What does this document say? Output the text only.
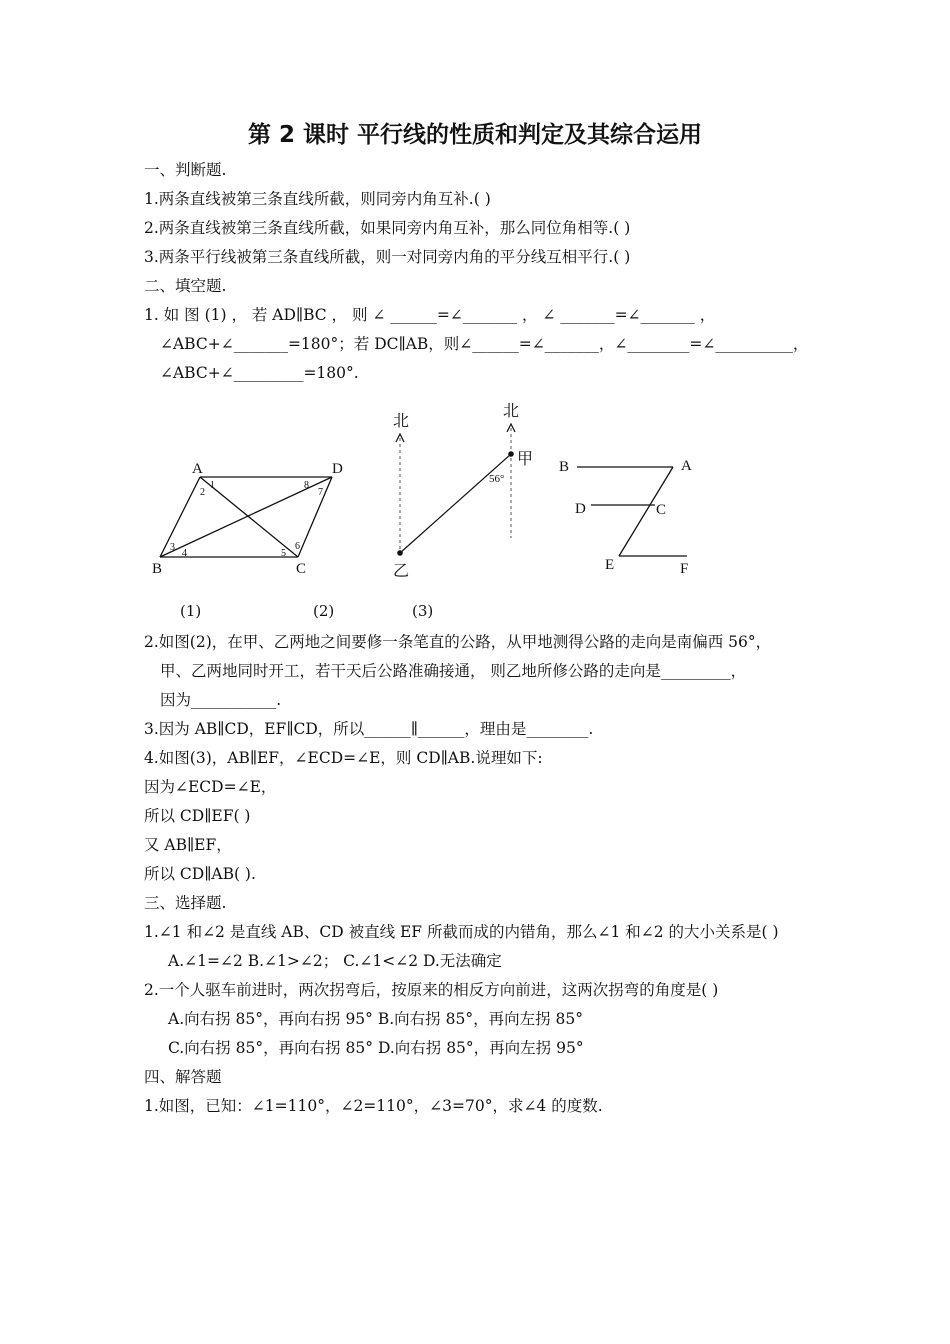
第 2 课时 平行线的性质和判定及其综合运用
一、判断题.
1.两条直线被第三条直线所截，则同旁内角互补.( )
2.两条直线被第三条直线所截，如果同旁内角互补，那么同位角相等.( )
3.两条平行线被第三条直线所截，则一对同旁内角的平分线互相平行.( )
二、填空题.
1. 如 图 (1) ， 若 AD∥BC ， 则 ∠ ______=∠_______ ， ∠ _______=∠_______ ，
∠ABC+∠_______=180°；若 DC∥AB，则∠______=∠_______，∠________=∠__________，
∠ABC+∠_________=180°.
A	D
B	C
1
2
3
4	5
6
7
8
北
北
甲
乙
56°
B	A
D	C
E	F
(1)	(2)	(3)
2.如图(2)，在甲、乙两地之间要修一条笔直的公路，从甲地测得公路的走向是南偏西 56°，
甲、乙两地同时开工，若干天后公路准确接通， 则乙地所修公路的走向是_________，
因为___________.
3.因为 AB∥CD，EF∥CD，所以______∥______，理由是________.
4.如图(3)，AB∥EF，∠ECD=∠E，则 CD∥AB.说理如下:
因为∠ECD=∠E，
所以 CD∥EF( )
又 AB∥EF，
所以 CD∥AB( ).
三、选择题.
1.∠1 和∠2 是直线 AB、CD 被直线 EF 所截而成的内错角，那么∠1 和∠2 的大小关系是( )
A.∠1=∠2 B.∠1>∠2； C.∠1<∠2 D.无法确定
2.一个人驱车前进时，两次拐弯后，按原来的相反方向前进，这两次拐弯的角度是( )
A.向右拐 85°，再向右拐 95° B.向右拐 85°，再向左拐 85°
C.向右拐 85°，再向右拐 85° D.向右拐 85°，再向左拐 95°
四、解答题
1.如图，已知：∠1=110°，∠2=110°，∠3=70°，求∠4 的度数.
